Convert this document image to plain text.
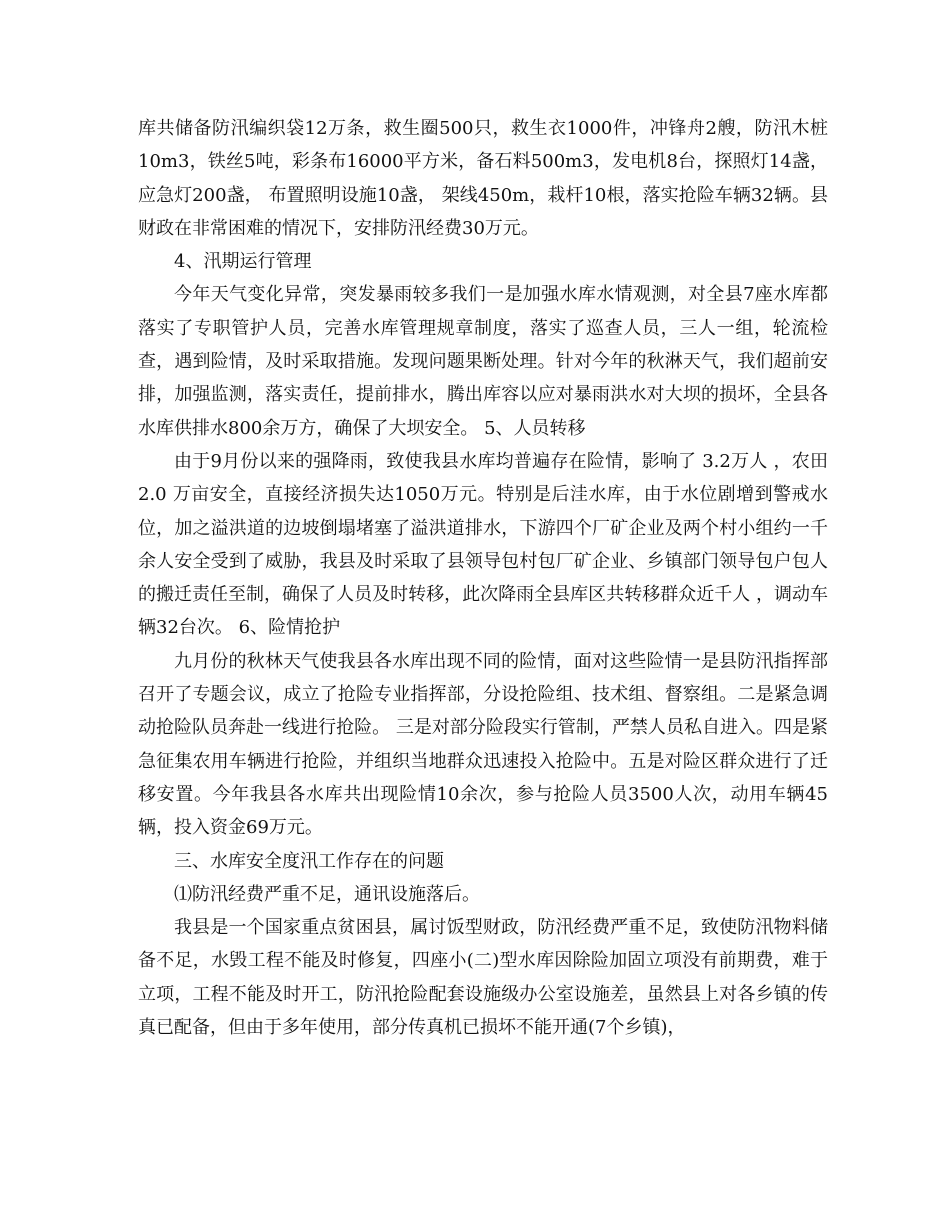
库共储备防汛编织袋12万条，救生圈500只，救生衣1000件，冲锋舟2艘，防汛木桩10m3，铁丝5吨，彩条布16000平方米，备石料500m3，发电机8台，探照灯14盏，应急灯200盏， 布置照明设施10盏， 架线450m，栽杆10根，落实抢险车辆32辆。县财政在非常困难的情况下，安排防汛经费30万元。

4、汛期运行管理

今年天气变化异常，突发暴雨较多我们一是加强水库水情观测，对全县7座水库都落实了专职管护人员，完善水库管理规章制度，落实了巡查人员，三人一组，轮流检查，遇到险情，及时采取措施。发现问题果断处理。针对今年的秋淋天气，我们超前安排，加强监测，落实责任，提前排水，腾出库容以应对暴雨洪水对大坝的损坏，全县各水库供排水800余万方，确保了大坝安全。 5、人员转移

由于9月份以来的强降雨，致使我县水库均普遍存在险情，影响了 3.2万人 ，农田2.0 万亩安全，直接经济损失达1050万元。特别是后洼水库，由于水位剧增到警戒水位，加之溢洪道的边坡倒塌堵塞了溢洪道排水，下游四个厂矿企业及两个村小组约一千余人安全受到了威胁，我县及时采取了县领导包村包厂矿企业、乡镇部门领导包户包人的搬迁责任至制，确保了人员及时转移，此次降雨全县库区共转移群众近千人 ，调动车辆32台次。 6、险情抢护

九月份的秋林天气使我县各水库出现不同的险情，面对这些险情一是县防汛指挥部召开了专题会议，成立了抢险专业指挥部，分设抢险组、技术组、督察组。二是紧急调动抢险队员奔赴一线进行抢险。 三是对部分险段实行管制，严禁人员私自进入。四是紧急征集农用车辆进行抢险，并组织当地群众迅速投入抢险中。五是对险区群众进行了迁移安置。今年我县各水库共出现险情10余次，参与抢险人员3500人次，动用车辆45辆，投入资金69万元。

三、水库安全度汛工作存在的问题

⑴防汛经费严重不足，通讯设施落后。

我县是一个国家重点贫困县，属讨饭型财政，防汛经费严重不足，致使防汛物料储备不足，水毁工程不能及时修复，四座小(二)型水库因除险加固立项没有前期费，难于立项，工程不能及时开工，防汛抢险配套设施级办公室设施差，虽然县上对各乡镇的传真已配备，但由于多年使用，部分传真机已损坏不能开通(7个乡镇)，
